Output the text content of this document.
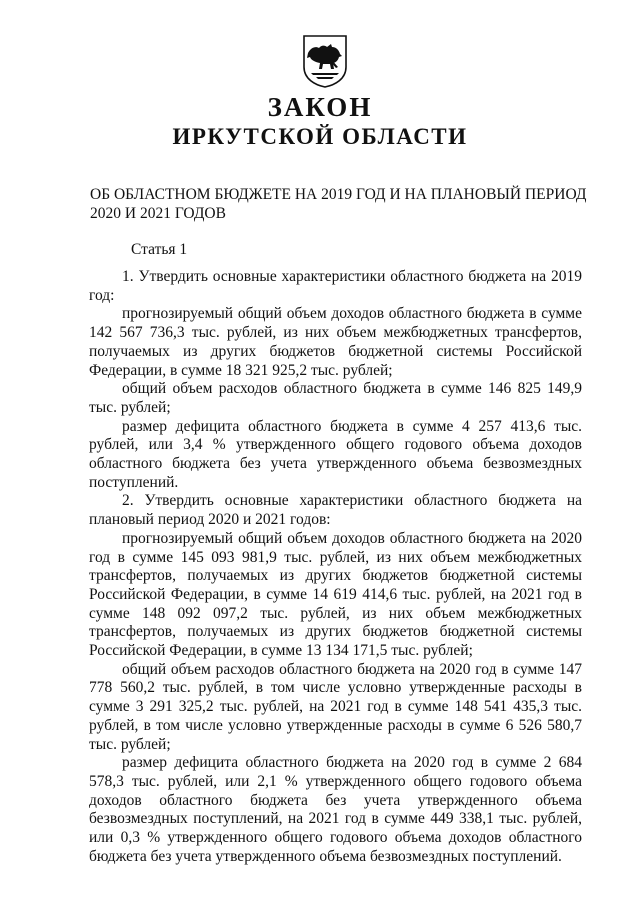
ЗАКОН
ИРКУТСКОЙ ОБЛАСТИ

ОБ ОБЛАСТНОМ БЮДЖЕТЕ НА 2019 ГОД И НА ПЛАНОВЫЙ ПЕРИОД 2020 И 2021 ГОДОВ

Статья 1

1. Утвердить основные характеристики областного бюджета на 2019 год:

прогнозируемый общий объем доходов областного бюджета в сумме 142 567 736,3 тыс. рублей, из них объем межбюджетных трансфертов, получаемых из других бюджетов бюджетной системы Российской Федерации, в сумме 18 321 925,2 тыс. рублей;

общий объем расходов областного бюджета в сумме 146 825 149,9 тыс. рублей;

размер дефицита областного бюджета в сумме 4 257 413,6 тыс. рублей, или 3,4 % утвержденного общего годового объема доходов областного бюджета без учета утвержденного объема безвозмездных поступлений.

2. Утвердить основные характеристики областного бюджета на плановый период 2020 и 2021 годов:

прогнозируемый общий объем доходов областного бюджета на 2020 год в сумме 145 093 981,9 тыс. рублей, из них объем межбюджетных трансфертов, получаемых из других бюджетов бюджетной системы Российской Федерации, в сумме 14 619 414,6 тыс. рублей, на 2021 год в сумме 148 092 097,2 тыс. рублей, из них объем межбюджетных трансфертов, получаемых из других бюджетов бюджетной системы Российской Федерации, в сумме 13 134 171,5 тыс. рублей;

общий объем расходов областного бюджета на 2020 год в сумме 147 778 560,2 тыс. рублей, в том числе условно утвержденные расходы в сумме 3 291 325,2 тыс. рублей, на 2021 год в сумме 148 541 435,3 тыс. рублей, в том числе условно утвержденные расходы в сумме 6 526 580,7 тыс. рублей;

размер дефицита областного бюджета на 2020 год в сумме 2 684 578,3 тыс. рублей, или 2,1 % утвержденного общего годового объема доходов областного бюджета без учета утвержденного объема безвозмездных поступлений, на 2021 год в сумме 449 338,1 тыс. рублей, или 0,3 % утвержденного общего годового объема доходов областного бюджета без учета утвержденного объема безвозмездных поступлений.
